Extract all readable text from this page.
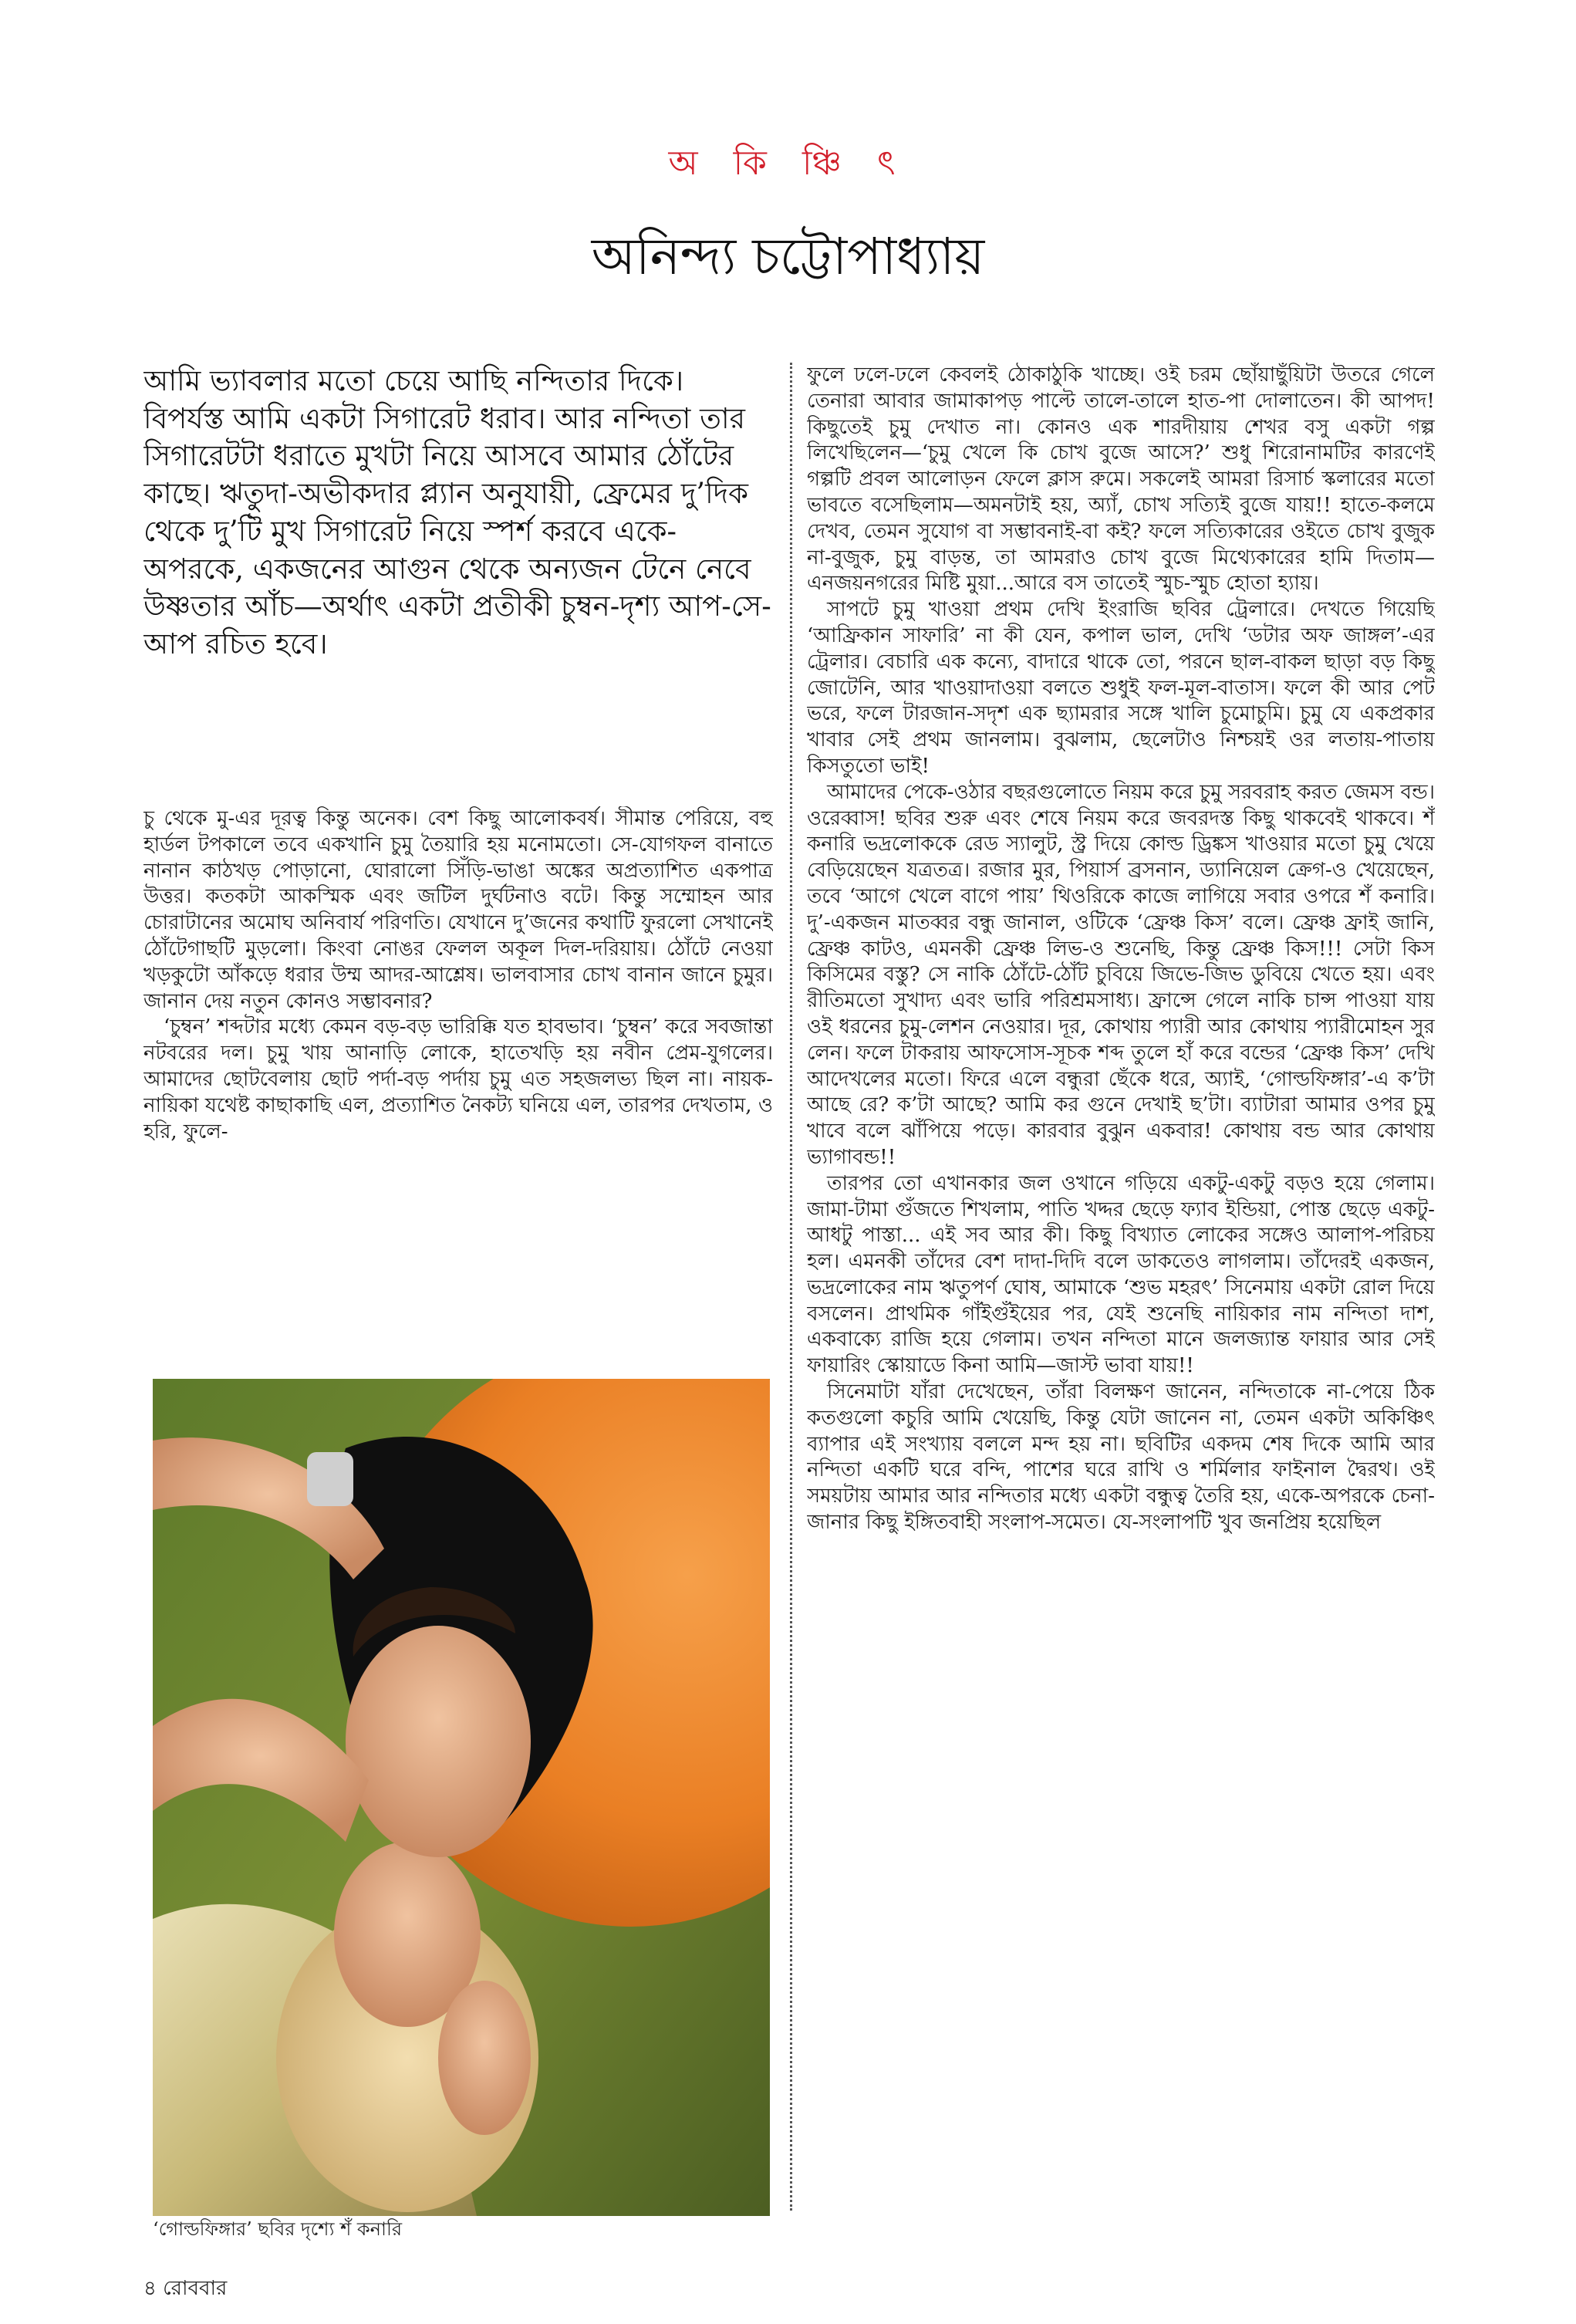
অ কি ঞ্চি ৎ
অনিন্দ্য চট্টোপাধ্যায়
আমি ভ্যাবলার মতো চেয়ে আছি নন্দিতার দিকে। বিপর্যস্ত আমি একটা সিগারেট ধরাব। আর নন্দিতা তার সিগারেটটা ধরাতে মুখটা নিয়ে আসবে আমার ঠোঁটের কাছে। ঋতুদা-অভীকদার প্ল্যান অনুযায়ী, ফ্রেমের দু’দিক থেকে দু’টি মুখ সিগারেট নিয়ে স্পর্শ করবে একে-অপরকে, একজনের আগুন থেকে অন্যজন টেনে নেবে উষ্ণতার আঁচ—অর্থাৎ একটা প্রতীকী চুম্বন-দৃশ্য আপ-সে-আপ রচিত হবে।

চু থেকে মু-এর দূরত্ব কিন্তু অনেক। বেশ কিছু আলোকবর্ষ। সীমান্ত পেরিয়ে, বহু হার্ডল টপকালে তবে একখানি চুমু তৈয়ারি হয় মনোমতো। সে-যোগফল বানাতে নানান কাঠখড় পোড়ানো, ঘোরালো সিঁড়ি-ভাঙা অঙ্কের অপ্রত্যাশিত একপাত্র উত্তর। কতকটা আকস্মিক এবং জটিল দুর্ঘটনাও বটে। কিন্তু সম্মোহন আর চোরাটানের অমোঘ অনিবার্য পরিণতি। যেখানে দু’জনের কথাটি ফুরলো সেখানেই ঠোঁটেগাছটি মুড়লো। কিংবা নোঙর ফেলল অকূল দিল-দরিয়ায়। ঠোঁটে নেওয়া খড়কুটো আঁকড়ে ধরার উম্ম আদর-আশ্লেষ। ভালবাসার চোখ বানান জানে চুমুর। জানান দেয় নতুন কোনও সম্ভাবনার?

‘চুম্বন’ শব্দটার মধ্যে কেমন বড়-বড় ভারিক্কি যত হাবভাব। ‘চুম্বন’ করে সবজান্তা নটবরের দল। চুমু খায় আনাড়ি লোকে, হাতেখড়ি হয় নবীন প্রেম-যুগলের। আমাদের ছোটবেলায় ছোট পর্দা-বড় পর্দায় চুমু এত সহজলভ্য ছিল না। নায়ক-নায়িকা যথেষ্ট কাছাকাছি এল, প্রত্যাশিত নৈকট্য ঘনিয়ে এল, তারপর দেখতাম, ও হরি, ফুলে-

ফুলে ঢলে-ঢলে কেবলই ঠোকাঠুকি খাচ্ছে। ওই চরম ছোঁয়াছুঁয়িটা উতরে গেলে তেনারা আবার জামাকাপড় পাল্টে তালে-তালে হাত-পা দোলাতেন। কী আপদ! কিছুতেই চুমু দেখাত না। কোনও এক শারদীয়ায় শেখর বসু একটা গল্প লিখেছিলেন—‘চুমু খেলে কি চোখ বুজে আসে?’ শুধু শিরোনামটির কারণেই গল্পটি প্রবল আলোড়ন ফেলে ক্লাস রুমে। সকলেই আমরা রিসার্চ স্কলারের মতো ভাবতে বসেছিলাম—অমনটাই হয়, অ্যাঁ, চোখ সত্যিই বুজে যায়!! হাতে-কলমে দেখব, তেমন সুযোগ বা সম্ভাবনাই-বা কই? ফলে সত্যিকারের ওইতে চোখ বুজুক না-বুজুক, চুমু বাড়ন্ত, তা আমরাও চোখ বুজে মিথ্যেকারের হামি দিতাম—এনজয়নগরের মিষ্টি মুয়া...আরে বস তাতেই স্মুচ-স্মুচ হোতা হ্যায়।

সাপটে চুমু খাওয়া প্রথম দেখি ইংরাজি ছবির ট্রেলারে। দেখতে গিয়েছি ‘আফ্রিকান সাফারি’ না কী যেন, কপাল ভাল, দেখি ‘ডটার অফ জাঙ্গল’-এর ট্রেলার। বেচারি এক কন্যে, বাদারে থাকে তো, পরনে ছাল-বাকল ছাড়া বড় কিছু জোটেনি, আর খাওয়াদাওয়া বলতে শুধুই ফল-মূল-বাতাস। ফলে কী আর পেট ভরে, ফলে টারজান-সদৃশ এক ছ্যামরার সঙ্গে খালি চুমোচুমি। চুমু যে একপ্রকার খাবার সেই প্রথম জানলাম। বুঝলাম, ছেলেটাও নিশ্চয়ই ওর লতায়-পাতায় কিসতুতো ভাই!

আমাদের পেকে-ওঠার বছরগুলোতে নিয়ম করে চুমু সরবরাহ করত জেমস বন্ড। ওরেব্বাস! ছবির শুরু এবং শেষে নিয়ম করে জবরদস্ত কিছু থাকবেই থাকবে। শঁ কনারি ভদ্রলোককে রেড স্যালুট, স্ট্র দিয়ে কোল্ড ড্রিঙ্কস খাওয়ার মতো চুমু খেয়ে বেড়িয়েছেন যত্রতত্র। রজার মুর, পিয়ার্স ব্রসনান, ড্যানিয়েল ক্রেগ-ও খেয়েছেন, তবে ‘আগে খেলে বাগে পায়’ থিওরিকে কাজে লাগিয়ে সবার ওপরে শঁ কনারি। দু’-একজন মাতব্বর বন্ধু জানাল, ওটিকে ‘ফ্রেঞ্চ কিস’ বলে। ফ্রেঞ্চ ফ্রাই জানি, ফ্রেঞ্চ কাটও, এমনকী ফ্রেঞ্চ লিভ-ও শুনেছি, কিন্তু ফ্রেঞ্চ কিস!!! সেটা কিস কিসিমের বস্তু? সে নাকি ঠোঁটে-ঠোঁট চুবিয়ে জিভে-জিভ ডুবিয়ে খেতে হয়। এবং রীতিমতো সুখাদ্য এবং ভারি পরিশ্রমসাধ্য। ফ্রান্সে গেলে নাকি চান্স পাওয়া যায় ওই ধরনের চুমু-লেশন নেওয়ার। দূর, কোথায় প্যারী আর কোথায় প্যারীমোহন সুর লেন। ফলে টাকরায় আফসোস-সূচক শব্দ তুলে হাঁ করে বন্ডের ‘ফ্রেঞ্চ কিস’ দেখি আদেখলের মতো। ফিরে এলে বন্ধুরা ছেঁকে ধরে, অ্যাই, ‘গোল্ডফিঙ্গার’-এ ক’টা আছে রে? ক’টা আছে? আমি কর গুনে দেখাই ছ’টা। ব্যাটারা আমার ওপর চুমু খাবে বলে ঝাঁপিয়ে পড়ে। কারবার বুঝুন একবার! কোথায় বন্ড আর কোথায় ভ্যাগাবন্ড!!

তারপর তো এখানকার জল ওখানে গড়িয়ে একটু-একটু বড়ও হয়ে গেলাম। জামা-টামা গুঁজতে শিখলাম, পাতি খদ্দর ছেড়ে ফ্যাব ইন্ডিয়া, পোস্ত ছেড়ে একটু-আধটু পাস্তা... এই সব আর কী। কিছু বিখ্যাত লোকের সঙ্গেও আলাপ-পরিচয় হল। এমনকী তাঁদের বেশ দাদা-দিদি বলে ডাকতেও লাগলাম। তাঁদেরই একজন, ভদ্রলোকের নাম ঋতুপর্ণ ঘোষ, আমাকে ‘শুভ মহরৎ’ সিনেমায় একটা রোল দিয়ে বসলেন। প্রাথমিক গাঁইগুঁইয়ের পর, যেই শুনেছি নায়িকার নাম নন্দিতা দাশ, একবাক্যে রাজি হয়ে গেলাম। তখন নন্দিতা মানে জলজ্যান্ত ফায়ার আর সেই ফায়ারিং স্কোয়াডে কিনা আমি—জাস্ট ভাবা যায়!!

সিনেমাটা যাঁরা দেখেছেন, তাঁরা বিলক্ষণ জানেন, নন্দিতাকে না-পেয়ে ঠিক কতগুলো কচুরি আমি খেয়েছি, কিন্তু যেটা জানেন না, তেমন একটা অকিঞ্চিৎ ব্যাপার এই সংখ্যায় বললে মন্দ হয় না। ছবিটির একদম শেষ দিকে আমি আর নন্দিতা একটি ঘরে বন্দি, পাশের ঘরে রাখি ও শর্মিলার ফাইনাল দ্বৈরথ। ওই সময়টায় আমার আর নন্দিতার মধ্যে একটা বন্ধুত্ব তৈরি হয়, একে-অপরকে চেনা-জানার কিছু ইঙ্গিতবাহী সংলাপ-সমেত। যে-সংলাপটি খুব জনপ্রিয় হয়েছিল

‘গোল্ডফিঙ্গার’ ছবির দৃশ্যে শঁ কনারি
৪ রোববার
